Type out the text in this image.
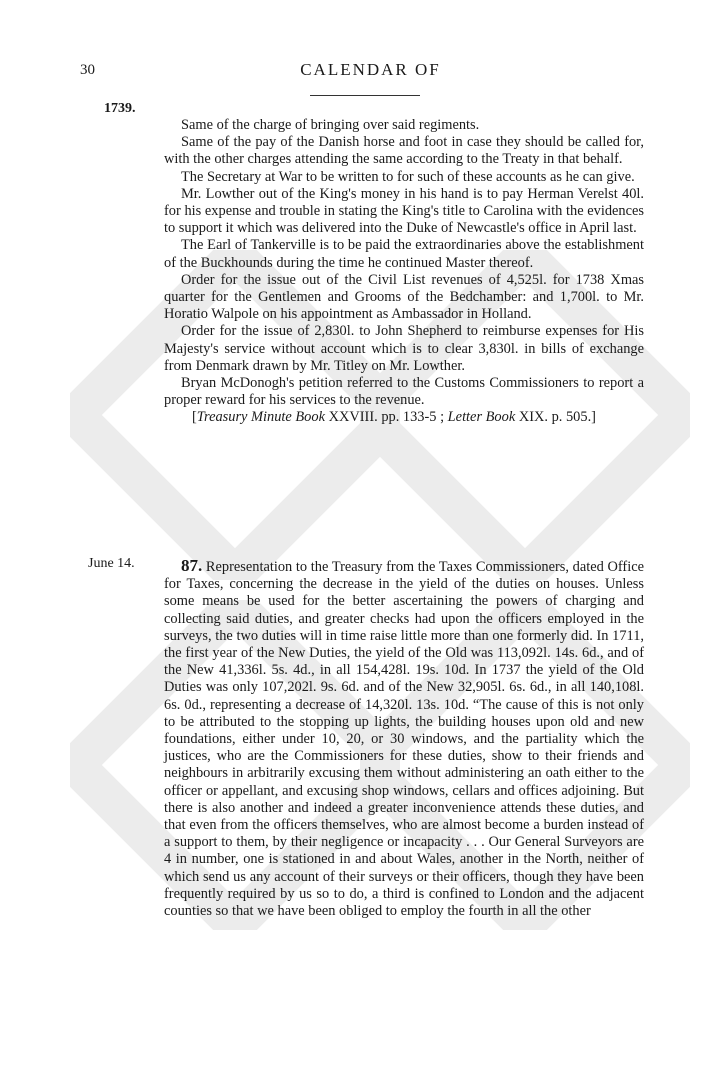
30	CALENDAR OF
1739.
June 14.

Same of the charge of bringing over said regiments.

Same of the pay of the Danish horse and foot in case they should be called for, with the other charges attending the same according to the Treaty in that behalf.

The Secretary at War to be written to for such of these accounts as he can give.

Mr. Lowther out of the King's money in his hand is to pay Herman Verelst 40l. for his expense and trouble in stating the King's title to Carolina with the evidences to support it which was delivered into the Duke of Newcastle's office in April last.

The Earl of Tankerville is to be paid the extraordinaries above the establishment of the Buckhounds during the time he continued Master thereof.

Order for the issue out of the Civil List revenues of 4,525l. for 1738 Xmas quarter for the Gentlemen and Grooms of the Bedchamber: and 1,700l. to Mr. Horatio Walpole on his appointment as Ambassador in Holland.

Order for the issue of 2,830l. to John Shepherd to reimburse expenses for His Majesty's service without account which is to clear 3,830l. in bills of exchange from Denmark drawn by Mr. Titley on Mr. Lowther.

Bryan McDonogh's petition referred to the Customs Commissioners to report a proper reward for his services to the revenue.

[Treasury Minute Book XXVIII. pp. 133-5 ; Letter Book XIX. p. 505.]

87. Representation to the Treasury from the Taxes Commissioners, dated Office for Taxes, concerning the decrease in the yield of the duties on houses. Unless some means be used for the better ascertaining the powers of charging and collecting said duties, and greater checks had upon the officers employed in the surveys, the two duties will in time raise little more than one formerly did. In 1711, the first year of the New Duties, the yield of the Old was 113,092l. 14s. 6d., and of the New 41,336l. 5s. 4d., in all 154,428l. 19s. 10d. In 1737 the yield of the Old Duties was only 107,202l. 9s. 6d. and of the New 32,905l. 6s. 6d., in all 140,108l. 6s. 0d., representing a decrease of 14,320l. 13s. 10d. “The cause of this is not only to be attributed to the stopping up lights, the building houses upon old and new foundations, either under 10, 20, or 30 windows, and the partiality which the justices, who are the Commissioners for these duties, show to their friends and neighbours in arbitrarily excusing them without administering an oath either to the officer or appellant, and excusing shop windows, cellars and offices adjoining. But there is also another and indeed a greater inconvenience attends these duties, and that even from the officers themselves, who are almost become a burden instead of a support to them, by their negligence or incapacity . . . Our General Surveyors are 4 in number, one is stationed in and about Wales, another in the North, neither of which send us any account of their surveys or their officers, though they have been frequently required by us so to do, a third is confined to London and the adjacent counties so that we have been obliged to employ the fourth in all the other
